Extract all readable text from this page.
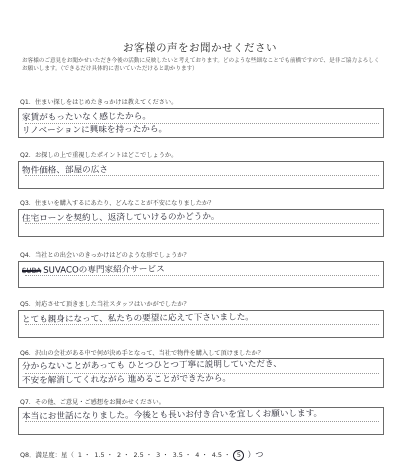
お客様の声をお聞かせください
お客様のご意見をお聞かせいただき今後の活動に反映したいと考えております。どのような些細なことでも前橋ですので、是非ご協力よろしくお願いします。（できるだけ具体的に書いていただけると助かります）
Q1．住まい探しをはじめたきっかけは教えてください。
家賃がもったいなく感じたから。
リノベーションに興味を持ったから。
Q2．お探しの上で重視したポイントはどこでしょうか。
物件価格、部屋の広さ
Q3．住まいを購入するにあたり、どんなことが不安になりましたか？
住宅ローンを契約し、返済していけるのかどうか。
Q4．当社との出会いのきっかけはどのような形でしょうか？
SUBA SUVACOの専門家紹介サービス
Q5．対応させて頂きました当社スタッフはいかがでしたか？
とても親身になって、私たちの要望に応えて下さいました。
Q6．沢山の会社がある中で何が決め手となって、当社で物件を購入して頂けましたか？
分からないことがあっても ひとつひとつ丁寧に説明していただき、
不安を解消してくれながら 進めることができたから。
Q7．その他、ご意見・ご感想をお聞かせください。
本当にお世話になりました。今後とも長いお付き合いを宜しくお願いします。
Q8．満足度：星（ 1 ・ 1.5 ・ 2 ・ 2.5 ・ 3 ・ 3.5 ・ 4 ・ 4.5 ・ 5 ）つ
